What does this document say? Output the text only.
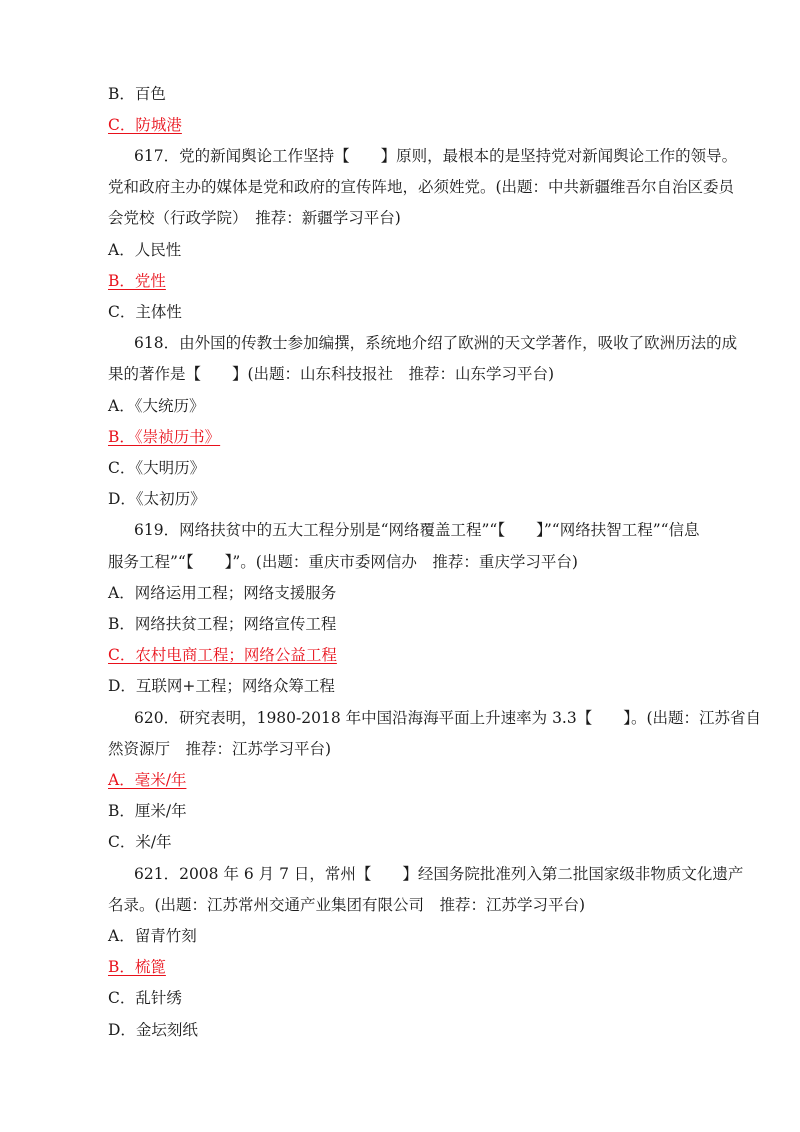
B．百色
C．防城港
617．党的新闻舆论工作坚持【　　】原则，最根本的是坚持党对新闻舆论工作的领导。
党和政府主办的媒体是党和政府的宣传阵地，必须姓党。(出题：中共新疆维吾尔自治区委员
会党校（行政学院）　推荐：新疆学习平台)
A．人民性
B．党性
C．主体性
618．由外国的传教士参加编撰，系统地介绍了欧洲的天文学著作，吸收了欧洲历法的成
果的著作是【　　】(出题：山东科技报社　推荐：山东学习平台)
A．《大统历》
B．《崇祯历书》
C．《大明历》
D．《太初历》
619．网络扶贫中的五大工程分别是“网络覆盖工程”“【　　】”“网络扶智工程”“信息
服务工程”“【　　】”。(出题：重庆市委网信办　推荐：重庆学习平台)
A．网络运用工程；网络支援服务
B．网络扶贫工程；网络宣传工程
C．农村电商工程；网络公益工程
D．互联网+工程；网络众筹工程
620．研究表明，1980-2018 年中国沿海海平面上升速率为 3.3【　　】。(出题：江苏省自
然资源厅　推荐：江苏学习平台)
A．毫米/年
B．厘米/年
C．米/年
621．2008 年 6 月 7 日，常州【　　】经国务院批准列入第二批国家级非物质文化遗产
名录。(出题：江苏常州交通产业集团有限公司　推荐：江苏学习平台)
A．留青竹刻
B．梳篦
C．乱针绣
D．金坛刻纸
